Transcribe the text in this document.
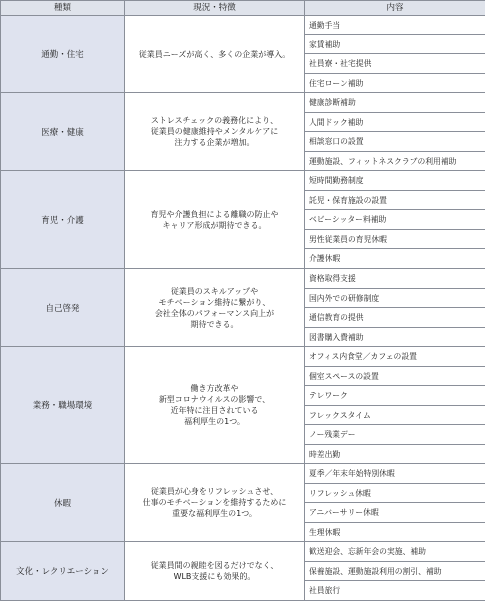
種類	現況・特徴	内容
通勤・住宅	従業員ニーズが高く、多くの企業が導入。	通勤手当
		家賃補助
		社員寮・社宅提供
		住宅ローン補助
医療・健康	ストレスチェックの義務化により、
従業員の健康維持やメンタルケアに
注力する企業が増加。	健康診断補助
		人間ドック補助
		相談窓口の設置
		運動施設、フィットネスクラブの利用補助
育児・介護	育児や介護負担による離職の防止や
キャリア形成が期待できる。	短時間勤務制度
		託児・保育施設の設置
		ベビーシッター料補助
		男性従業員の育児休暇
		介護休暇
自己啓発	従業員のスキルアップや
モチベーション維持に繋がり、
会社全体のパフォーマンス向上が
期待できる。	資格取得支援
		国内外での研修制度
		通信教育の提供
		図書購入費補助
業務・職場環境	働き方改革や
新型コロナウイルスの影響で、
近年特に注目されている
福利厚生の1つ。	オフィス内食堂／カフェの設置
		個室スペースの設置
		テレワーク
		フレックスタイム
		ノー残業デー
		時差出勤
休暇	従業員が心身をリフレッシュさせ、
仕事のモチベーションを維持するために
重要な福利厚生の1つ。	夏季／年末年始特別休暇
		リフレッシュ休暇
		アニバーサリー休暇
		生理休暇
文化・レクリエーション	従業員間の親睦を図るだけでなく、
WLB支援にも効果的。	歓送迎会、忘新年会の実施、補助
		保養施設、運動施設利用の割引、補助
		社員旅行
